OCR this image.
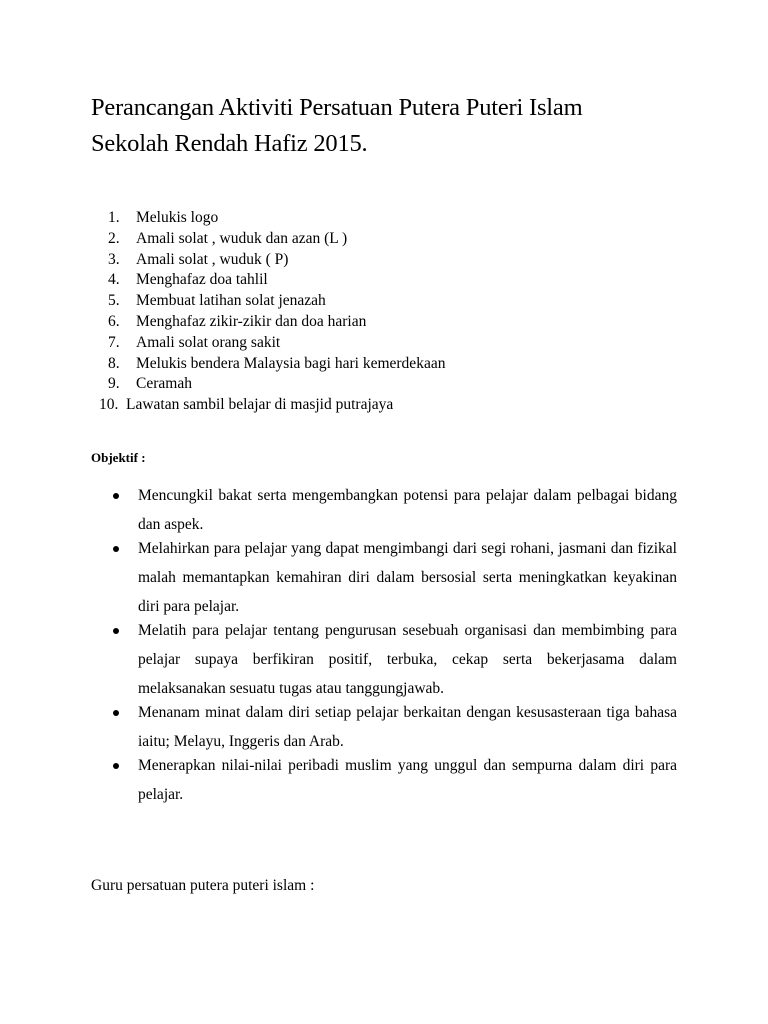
Perancangan Aktiviti Persatuan Putera Puteri Islam
Sekolah Rendah Hafiz 2015.
1.	Melukis logo
2.	Amali solat , wuduk dan azan (L )
3.	Amali solat , wuduk ( P)
4.	Menghafaz doa tahlil
5.	Membuat latihan solat jenazah
6.	Menghafaz zikir-zikir dan doa harian
7.	Amali solat orang sakit
8.	Melukis bendera Malaysia bagi hari kemerdekaan
9.	Ceramah
10. Lawatan sambil belajar di masjid putrajaya

Objektif :

Mencungkil bakat serta mengembangkan potensi para pelajar dalam pelbagai bidang dan aspek.
Melahirkan para pelajar yang dapat mengimbangi dari segi rohani, jasmani dan fizikal malah memantapkan kemahiran diri dalam bersosial serta meningkatkan keyakinan diri para pelajar.
Melatih para pelajar tentang pengurusan sesebuah organisasi dan membimbing para pelajar supaya berfikiran positif, terbuka, cekap serta bekerjasama dalam melaksanakan sesuatu tugas atau tanggungjawab.
Menanam minat dalam diri setiap pelajar berkaitan dengan kesusasteraan tiga bahasa iaitu; Melayu, Inggeris dan Arab.
Menerapkan nilai-nilai peribadi muslim yang unggul dan sempurna dalam diri para pelajar.

Guru persatuan putera puteri islam :
